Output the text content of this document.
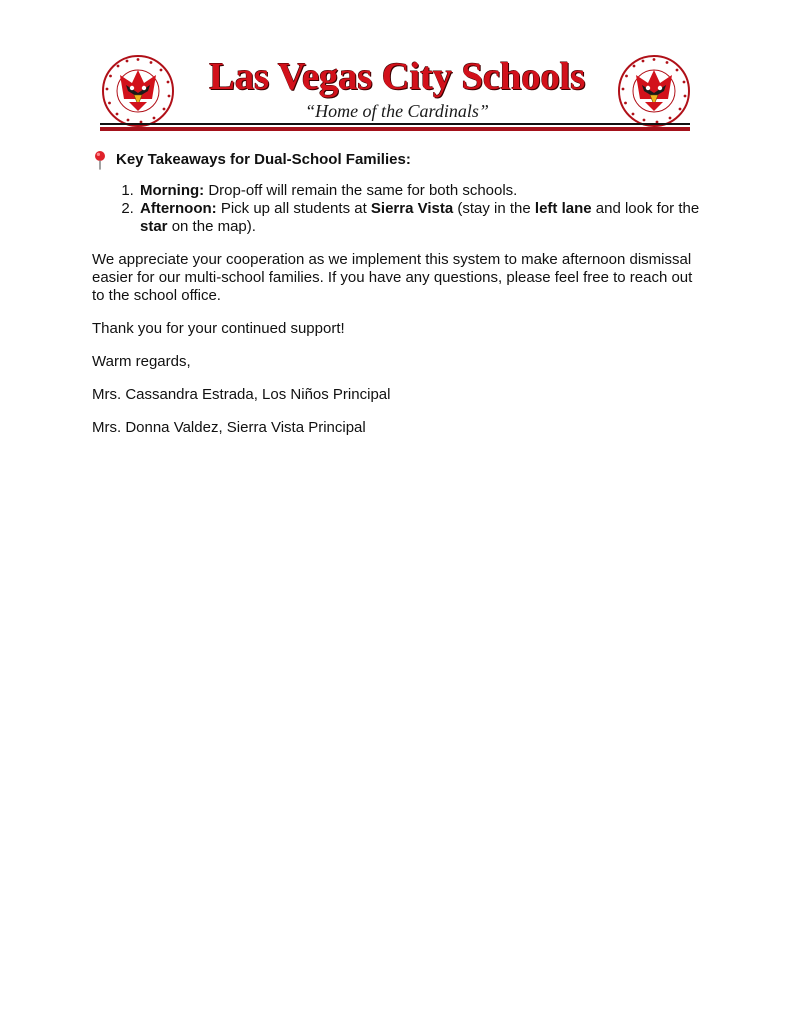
Las Vegas City Schools
“Home of the Cardinals”
Key Takeaways for Dual-School Families:
1. Morning: Drop-off will remain the same for both schools.
2. Afternoon: Pick up all students at Sierra Vista (stay in the left lane and look for the star on the map).

We appreciate your cooperation as we implement this system to make afternoon dismissal easier for our multi-school families. If you have any questions, please feel free to reach out to the school office.

Thank you for your continued support!

Warm regards,

Mrs. Cassandra Estrada, Los Niños Principal

Mrs. Donna Valdez, Sierra Vista Principal
